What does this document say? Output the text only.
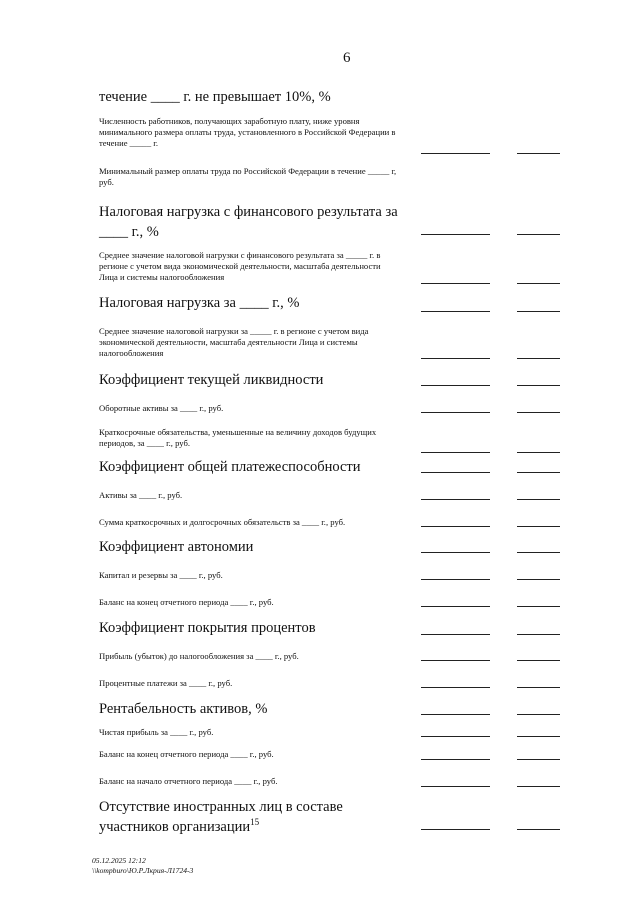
6
течение ____ г. не превышает 10%, %
Численность работников, получающих заработную плату, ниже уровня минимального размера оплаты труда, установленного в Российской Федерации в течение _____ г.
Минимальный размер оплаты труда по Российской Федерации в течение _____ г, руб.
Налоговая нагрузка с финансового результата за ____ г., %
Среднее значение налоговой нагрузки с финансового результата за _____ г. в регионе с учетом вида экономической деятельности, масштаба деятельности Лица и системы налогообложения
Налоговая нагрузка за ____ г., %
Среднее значение налоговой нагрузки за _____ г. в регионе с учетом вида экономической деятельности, масштаба деятельности Лица и системы налогообложения
Коэффициент текущей ликвидности
Оборотные активы за ____ г., руб.
Краткосрочные обязательства, уменьшенные на величину доходов будущих периодов, за ____ г., руб.
Коэффициент общей платежеспособности
Активы за ____ г., руб.
Сумма краткосрочных и долгосрочных обязательств за ____ г., руб.
Коэффициент автономии
Капитал и резервы за ____ г., руб.
Баланс на конец отчетного периода ____ г., руб.
Коэффициент покрытия процентов
Прибыль (убыток) до налогообложения за ____ г., руб.
Процентные платежи за ____ г., руб.
Рентабельность активов, %
Чистая прибыль за ____ г., руб.
Баланс на конец отчетного периода ____ г., руб.
Баланс на начало отчетного периода ____ г., руб.
Отсутствие иностранных лиц в составе участников организации$^{15}$
05.12.2025 12:12
\\kompburo\Ю.Р.Лкрия-Л1724-3
